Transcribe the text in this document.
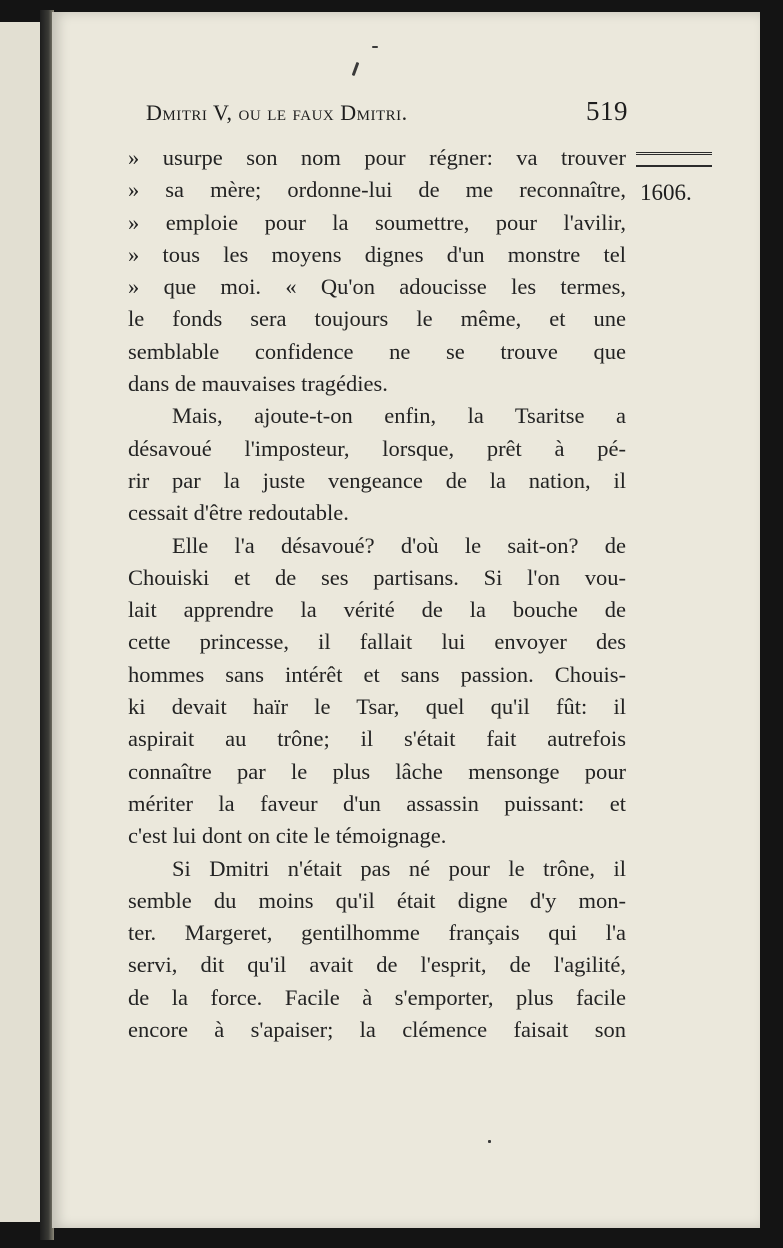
Dmitri V, ou le faux Dmitri.	519
1606.
» usurpe son nom pour régner: va trouver
» sa mère; ordonne-lui de me reconnaître,
» emploie pour la soumettre, pour l'avilir,
» tous les moyens dignes d'un monstre tel
» que moi. « Qu'on adoucisse les termes,
le fonds sera toujours le même, et une
semblable confidence ne se trouve que
dans de mauvaises tragédies.
Mais, ajoute-t-on enfin, la Tsaritse a
désavoué l'imposteur, lorsque, prêt à pé-
rir par la juste vengeance de la nation, il
cessait d'être redoutable.
Elle l'a désavoué? d'où le sait-on? de
Chouiski et de ses partisans. Si l'on vou-
lait apprendre la vérité de la bouche de
cette princesse, il fallait lui envoyer des
hommes sans intérêt et sans passion. Chouis-
ki devait haïr le Tsar, quel qu'il fût: il
aspirait au trône; il s'était fait autrefois
connaître par le plus lâche mensonge pour
mériter la faveur d'un assassin puissant: et
c'est lui dont on cite le témoignage.
Si Dmitri n'était pas né pour le trône, il
semble du moins qu'il était digne d'y mon-
ter. Margeret, gentilhomme français qui l'a
servi, dit qu'il avait de l'esprit, de l'agilité,
de la force. Facile à s'emporter, plus facile
encore à s'apaiser; la clémence faisait son
